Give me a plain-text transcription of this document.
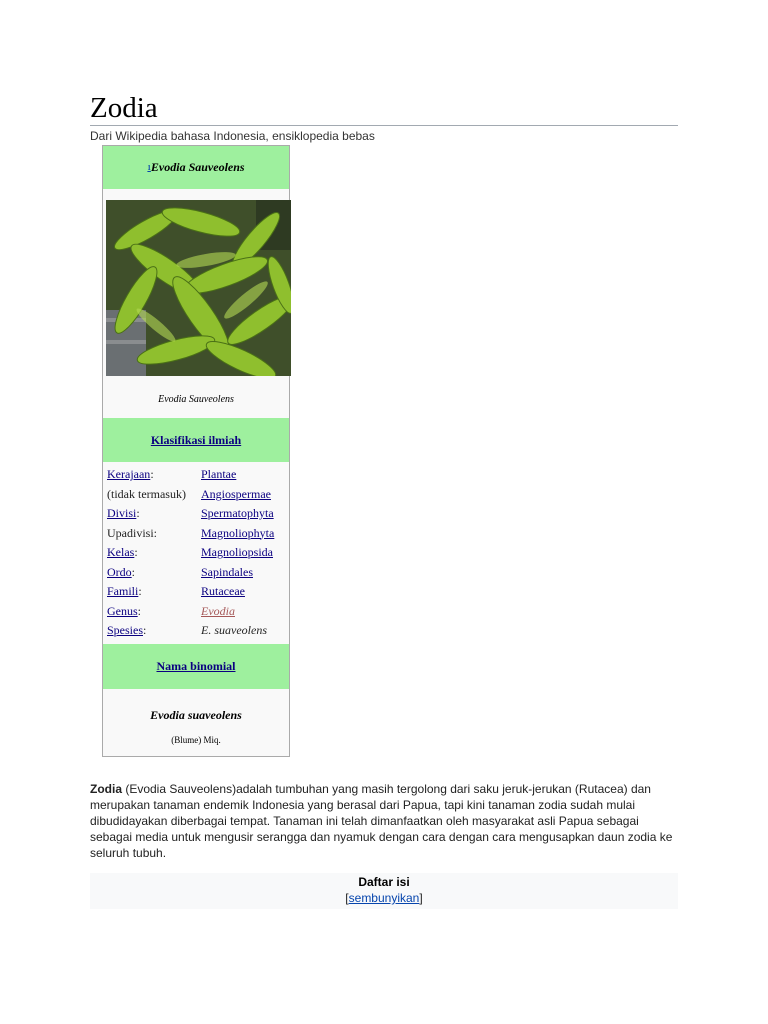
Zodia
Dari Wikipedia bahasa Indonesia, ensiklopedia bebas
1 Evodia Sauveolens
Evodia Sauveolens
Klasifikasi ilmiah
Kerajaan:	Plantae
(tidak termasuk) Angiospermae
Divisi:	Spermatophyta
Upadivisi:	Magnoliophyta
Kelas:	Magnoliopsida
Ordo:	Sapindales
Famili:	Rutaceae
Genus:	Evodia
Spesies:	E. suaveolens
Nama binomial
Evodia suaveolens
(Blume) Miq.
Zodia (Evodia Sauveolens)adalah tumbuhan yang masih tergolong dari saku jeruk-jerukan (Rutacea) dan merupakan tanaman endemik Indonesia yang berasal dari Papua, tapi kini tanaman zodia sudah mulai dibudidayakan diberbagai tempat. Tanaman ini telah dimanfaatkan oleh masyarakat asli Papua sebagai sebagai media untuk mengusir serangga dan nyamuk dengan cara dengan cara mengusapkan daun zodia ke seluruh tubuh.
Daftar isi
[sembunyikan]
